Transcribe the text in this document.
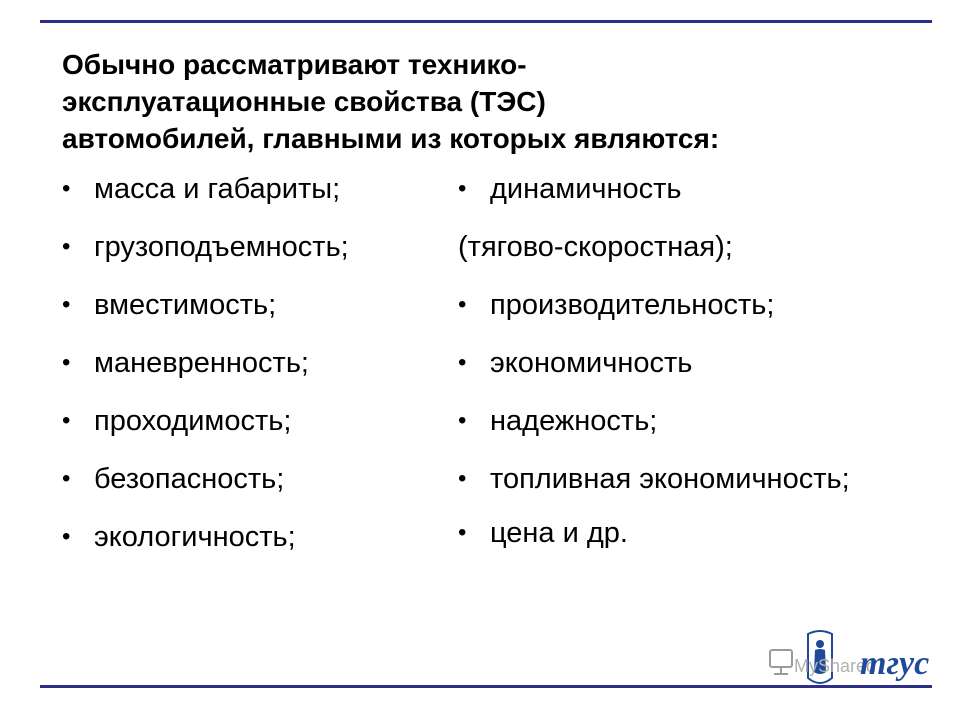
Обычно рассматривают технико-
эксплуатационные свойства (ТЭС)
автомобилей, главными из которых являются:
• масса и габариты;
• грузоподъемность;
• вместимость;
• маневренность;
• проходимость;
• безопасность;
• экологичность;
• динамичность
(тягово-скоростная);
• производительность;
• экономичность
• надежность;
• топливная экономичность;
• цена и др.
MyShared
тгус
